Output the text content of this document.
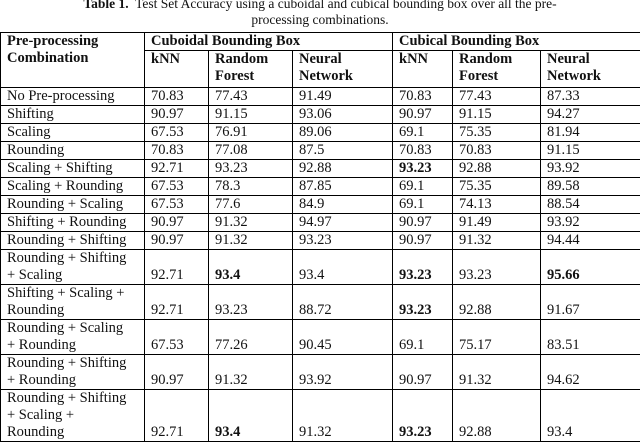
Table 1. Test Set Accuracy using a cuboidal and cubical bounding box over all the pre-
processing combinations.
Pre-processing
Combination	Cuboidal Bounding Box			Cubical Bounding Box		
	kNN	Random
Forest	Neural
Network	kNN	Random
Forest	Neural
Network
No Pre-processing	70.83	77.43	91.49	70.83	77.43	87.33
Shifting	90.97	91.15	93.06	90.97	91.15	94.27
Scaling	67.53	76.91	89.06	69.1	75.35	81.94
Rounding	70.83	77.08	87.5	70.83	70.83	91.15
Scaling + Shifting	92.71	93.23	92.88	93.23	92.88	93.92
Scaling + Rounding	67.53	78.3	87.85	69.1	75.35	89.58
Rounding + Scaling	67.53	77.6	84.9	69.1	74.13	88.54
Shifting + Rounding	90.97	91.32	94.97	90.97	91.49	93.92
Rounding + Shifting	90.97	91.32	93.23	90.97	91.32	94.44
Rounding + Shifting
+ Scaling	92.71	93.4	93.4	93.23	93.23	95.66
Shifting + Scaling +
Rounding	92.71	93.23	88.72	93.23	92.88	91.67
Rounding + Scaling
+ Rounding	67.53	77.26	90.45	69.1	75.17	83.51
Rounding + Shifting
+ Rounding	90.97	91.32	93.92	90.97	91.32	94.62
Rounding + Shifting
+ Scaling +
Rounding	92.71	93.4	91.32	93.23	92.88	93.4
